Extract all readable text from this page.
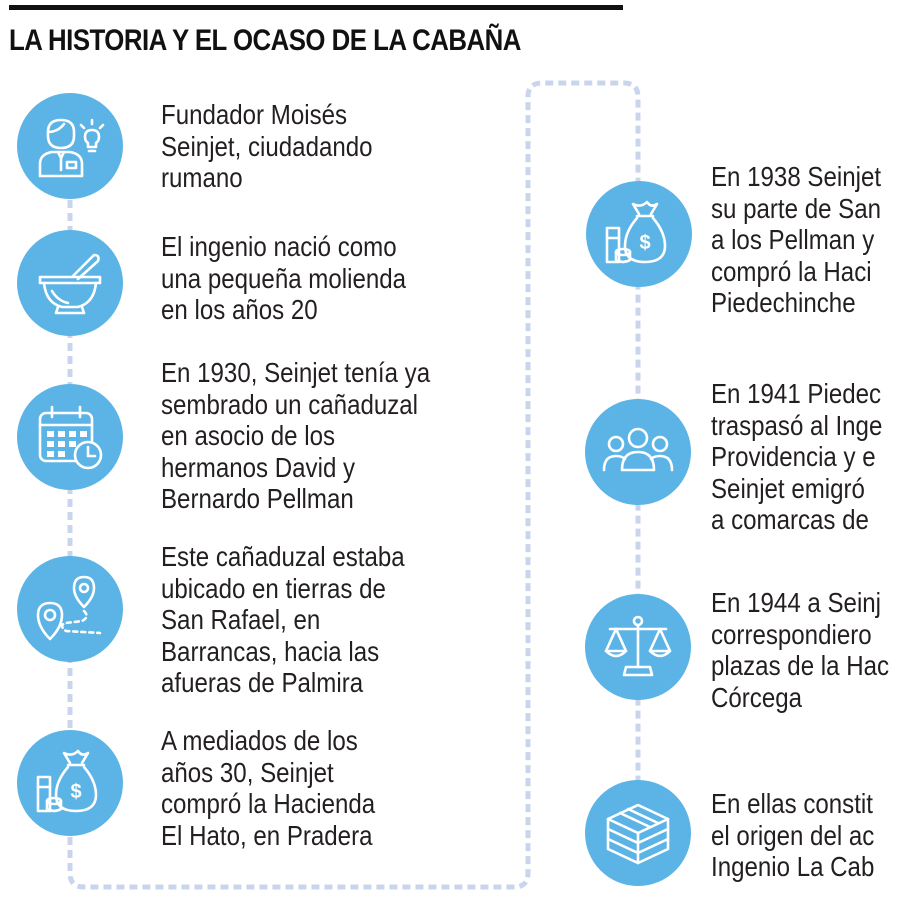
LA HISTORIA Y EL OCASO DE LA CABAÑA
Fundador Moisés
Seinjet, ciudadando
rumano
El ingenio nació como
una pequeña molienda
en los años 20
En 1930, Seinjet tenía ya
sembrado un cañaduzal
en asocio de los
hermanos David y
Bernardo Pellman
Este cañaduzal estaba
ubicado en tierras de
San Rafael, en
Barrancas, hacia las
afueras de Palmira
$
A mediados de los
años 30, Seinjet
compró la Hacienda
El Hato, en Pradera
$
En 1938 Seinjet
su parte de San
a los Pellman y
compró la Haci
Piedechinche
En 1941 Piedec
traspasó al Inge
Providencia y e
Seinjet emigró
a comarcas de
En 1944 a Seinj
correspondiero
plazas de la Hac
Córcega
En ellas constit
el origen del ac
Ingenio La Cab
